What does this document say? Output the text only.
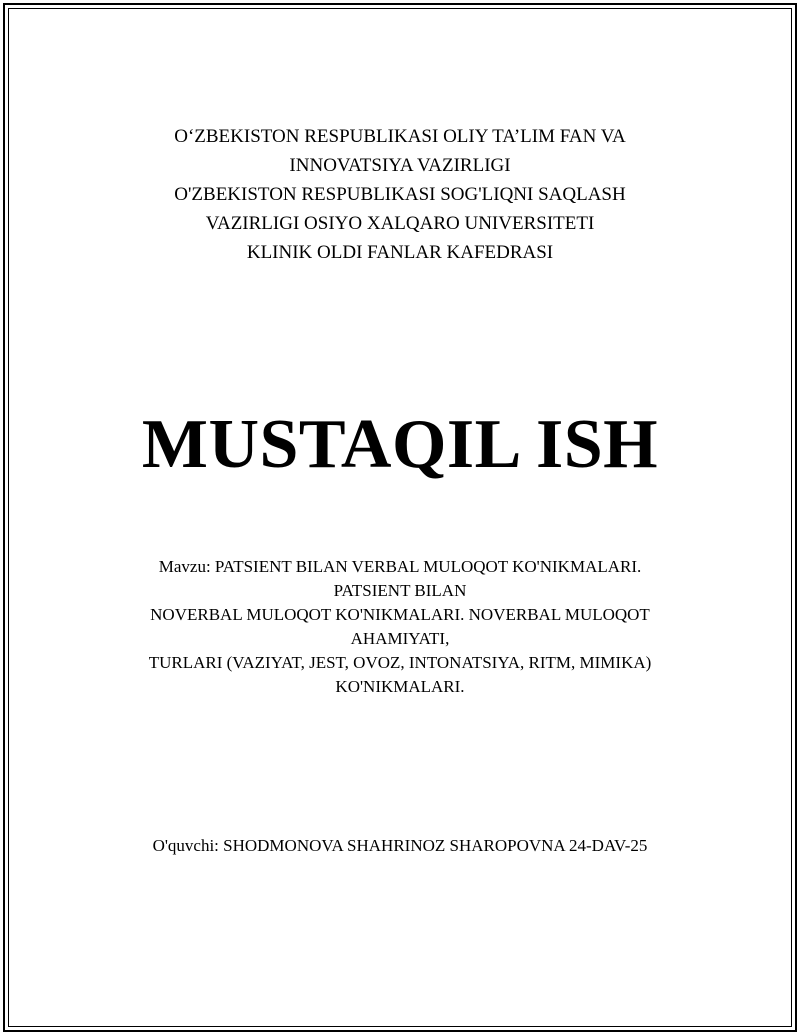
O‘ZBEKISTON RESPUBLIKASI OLIY TA’LIM FAN VA
INNOVATSIYA VAZIRLIGI
O'ZBEKISTON RESPUBLIKASI SOG'LIQNI SAQLASH
VAZIRLIGI OSIYO XALQARO UNIVERSITETI
KLINIK OLDI FANLAR KAFEDRASI
MUSTAQIL ISH
Mavzu: PATSIENT BILAN VERBAL MULOQOT KO'NIKMALARI.
PATSIENT BILAN
NOVERBAL MULOQOT KO'NIKMALARI. NOVERBAL MULOQOT
AHAMIYATI,
TURLARI (VAZIYAT, JEST, OVOZ, INTONATSIYA, RITM, MIMIKA)
KO'NIKMALARI.
O'quvchi: SHODMONOVA SHAHRINOZ SHAROPOVNA 24-DAV-25
